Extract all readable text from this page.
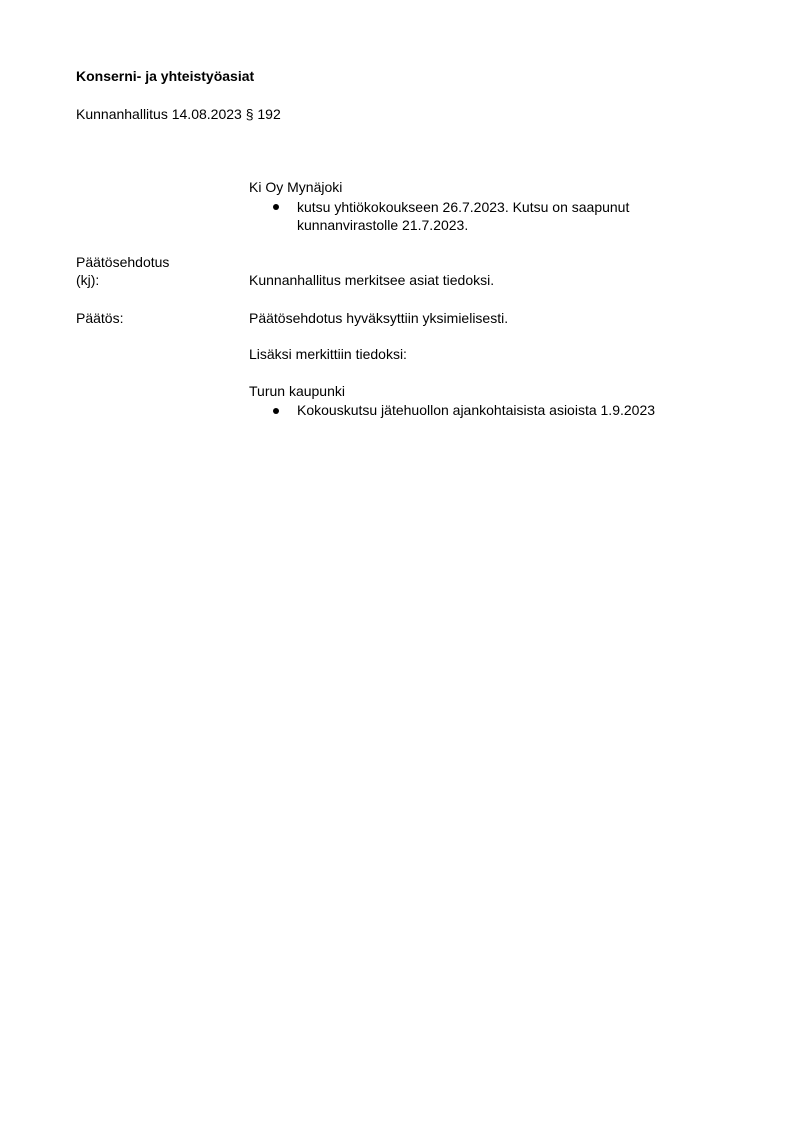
Konserni- ja yhteistyöasiat
Kunnanhallitus 14.08.2023 § 192
Ki Oy Mynäjoki
kutsu yhtiökokoukseen 26.7.2023. Kutsu on saapunut
kunnanvirastolle 21.7.2023.
Päätösehdotus
(kj):	Kunnanhallitus merkitsee asiat tiedoksi.
Päätös:	Päätösehdotus hyväksyttiin yksimielisesti.
Lisäksi merkittiin tiedoksi:
Turun kaupunki
Kokouskutsu jätehuollon ajankohtaisista asioista 1.9.2023
